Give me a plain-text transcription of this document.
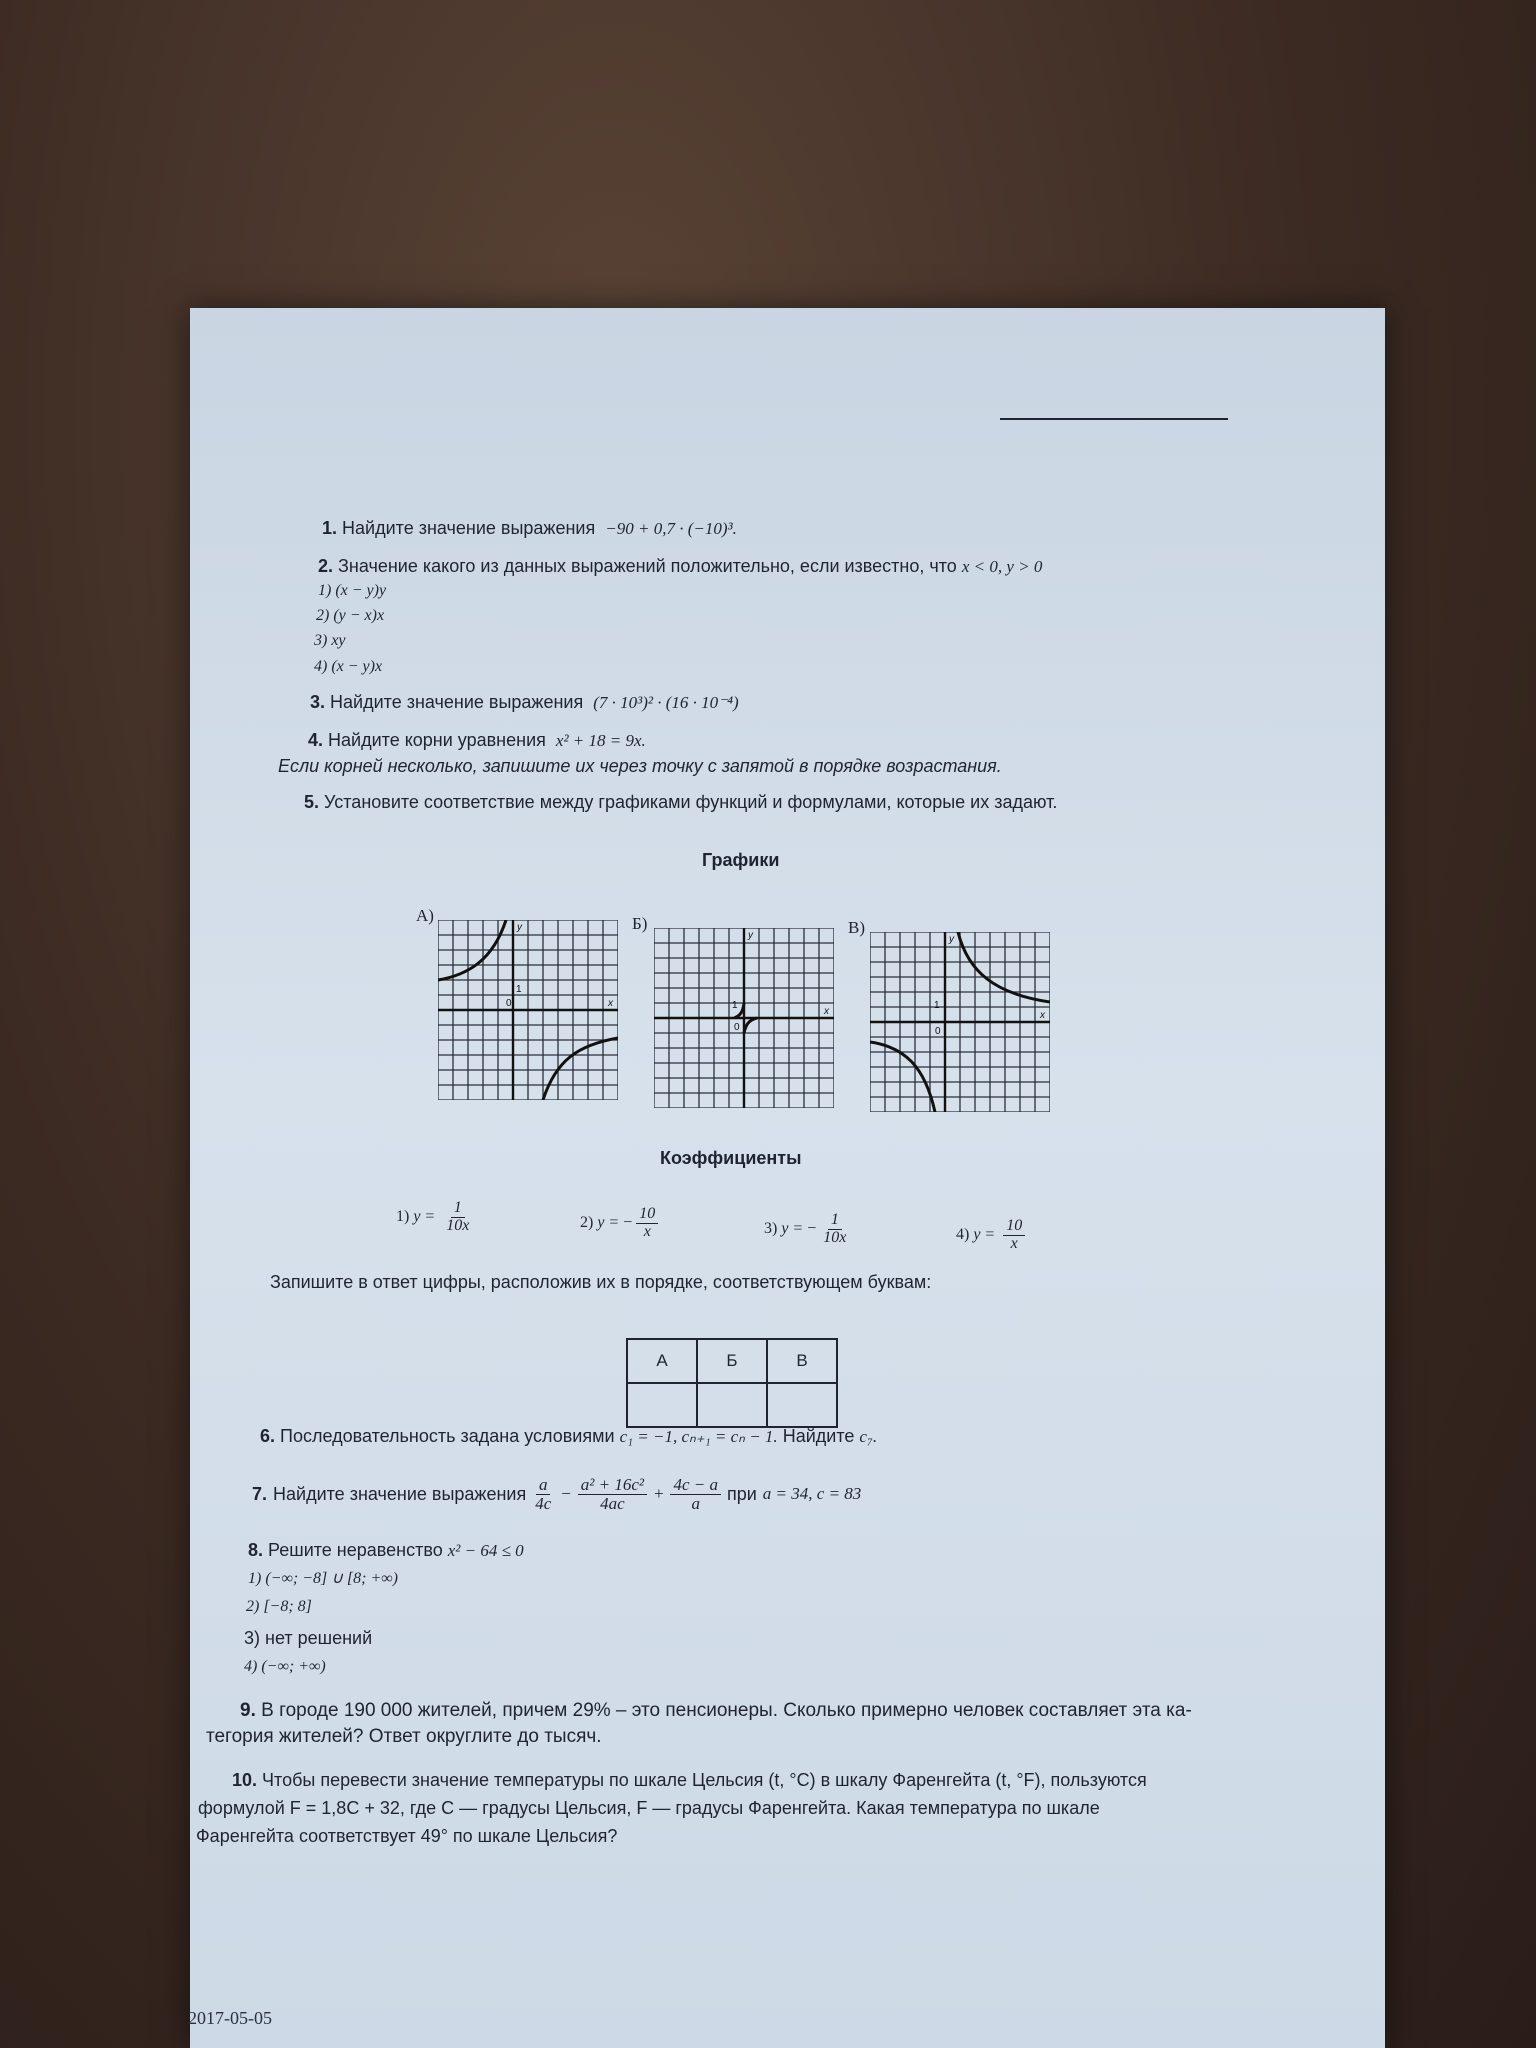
1. Найдите значение выражения −90 + 0,7 · (−10)³.
2. Значение какого из данных выражений положительно, если известно, что x < 0, y > 0
1) (x − y)y
2) (y − x)x
3) xy
4) (x − y)x
3. Найдите значение выражения (7 · 10³)² · (16 · 10⁻⁴)
4. Найдите корни уравнения x² + 18 = 9x.
Если корней несколько, запишите их через точку с запятой в порядке возрастания.
5. Установите соответствие между графиками функций и формулами, которые их задают.
Графики
А)	Б)	В)
0
1
x
y
0
1
x
y
0
1
x
y
Коэффициенты
1) $y = \frac{1}{10x}$	2) y = − $\frac{10}{x}$	3) y = − $\frac{1}{10x}$	4) $y = \frac{10}{x}$
Запишите в ответ цифры, расположив их в порядке, соответствующем буквам:
А	Б	В

6. Последовательность задана условиями c₁ = −1, cₙ₊₁ = cₙ − 1. Найдите c₇.
7. Найдите значение выражения $\frac{a}{4c} - \frac{\text{a² + 16c²}}{4ac} + \frac{4c - a}{a}$ при a = 34, c = 83
8. Решите неравенство x² − 64 ≤ 0
1) (−∞; −8] ∪ [8; +∞)
2) [−8; 8]
3) нет решений
4) (−∞; +∞)
9. В городе 190 000 жителей, причем 29% – это пенсионеры. Сколько примерно человек составляет эта ка-
тегория жителей? Ответ округлите до тысяч.
10. Чтобы перевести значение температуры по шкале Цельсия (t, °C) в шкалу Фаренгейта (t, °F), пользуются
формулой F = 1,8C + 32, где C — градусы Цельсия, F — градусы Фаренгейта. Какая температура по шкале
Фаренгейта соответствует 49° по шкале Цельсия?
2017-05-05
